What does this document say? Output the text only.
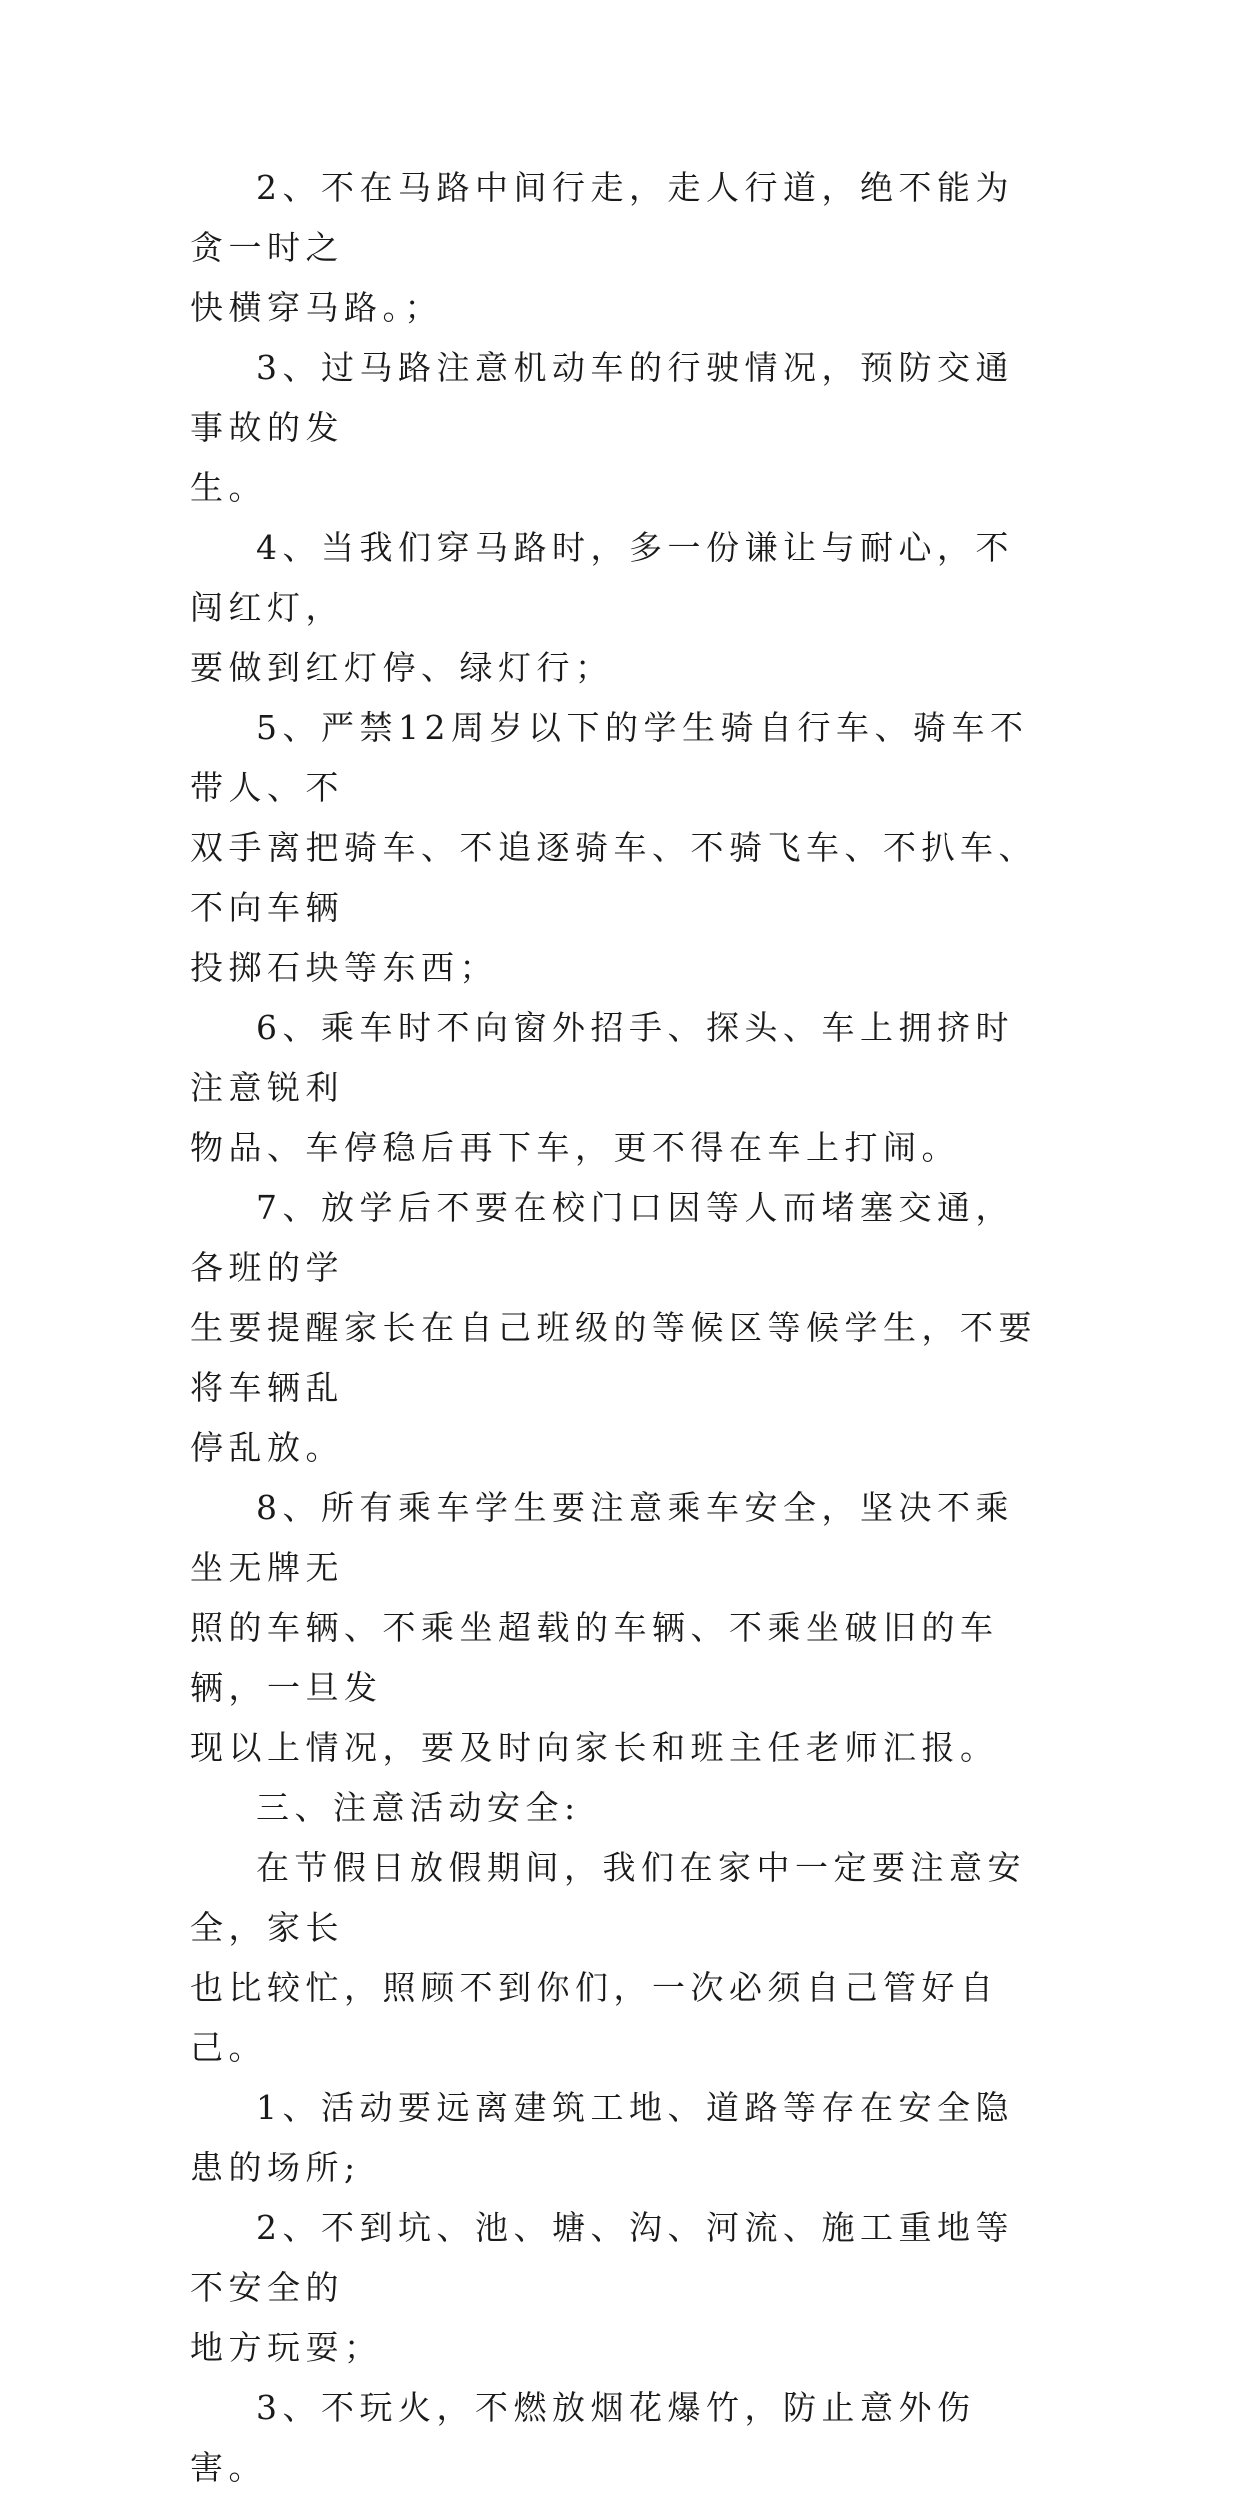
2、不在马路中间行走，走人行道，绝不能为贪一时之
快横穿马路。；

3、过马路注意机动车的行驶情况，预防交通事故的发
生。

4、当我们穿马路时，多一份谦让与耐心，不闯红灯，
要做到红灯停、绿灯行；

5、严禁12周岁以下的学生骑自行车、骑车不带人、不
双手离把骑车、不追逐骑车、不骑飞车、不扒车、不向车辆
投掷石块等东西；

6、乘车时不向窗外招手、探头、车上拥挤时注意锐利
物品、车停稳后再下车，更不得在车上打闹。

7、放学后不要在校门口因等人而堵塞交通，各班的学
生要提醒家长在自己班级的等候区等候学生，不要将车辆乱
停乱放。

8、所有乘车学生要注意乘车安全，坚决不乘坐无牌无
照的车辆、不乘坐超载的车辆、不乘坐破旧的车辆，一旦发
现以上情况，要及时向家长和班主任老师汇报。

三、注意活动安全:

在节假日放假期间，我们在家中一定要注意安全，家长
也比较忙，照顾不到你们，一次必须自己管好自己。

1、活动要远离建筑工地、道路等存在安全隐患的场所;

2、不到坑、池、塘、沟、河流、施工重地等不安全的
地方玩耍；

3、不玩火，不燃放烟花爆竹，防止意外伤害。
